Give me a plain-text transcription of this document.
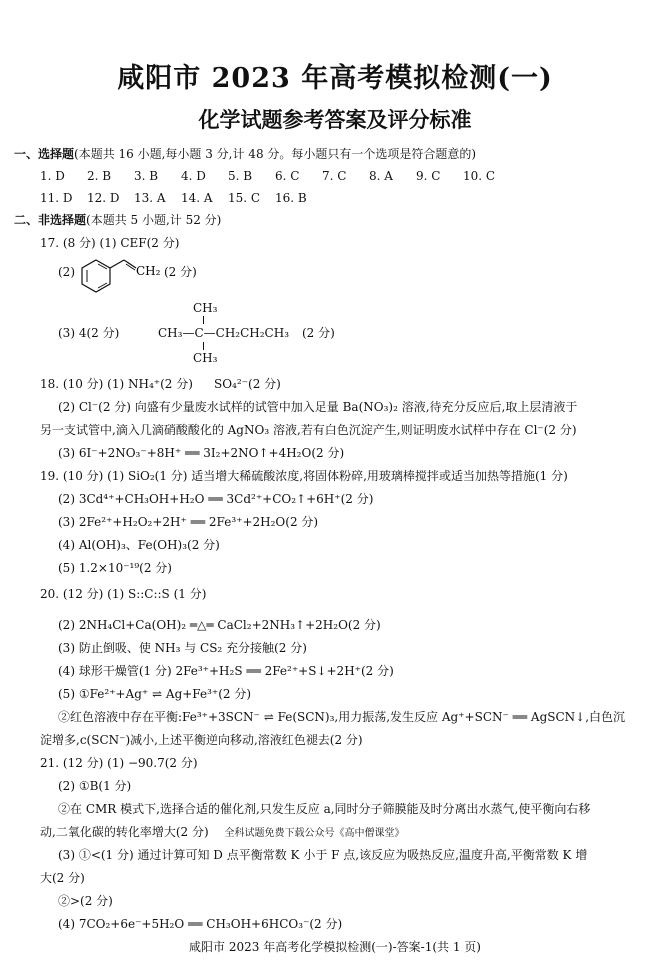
咸阳市 2023 年高考模拟检测(一)
化学试题参考答案及评分标准
一、选择题(本题共 16 小题,每小题 3 分,计 48 分。每小题只有一个选项是符合题意的)
1. D 2. B 3. B 4. D 5. B 6. C 7. C 8. A 9. C 10. C
11. D 12. D 13. A 14. A 15. C 16. B
二、非选择题(本题共 5 小题,计 52 分)
17. (8 分) (1) CEF(2 分)
(2)	CH₂ (2 分)
(3) 4(2 分)
CH₃
CH₃—C—CH₂CH₂CH₃
CH₃
(2 分)
18. (10 分) (1) NH₄⁺(2 分) SO₄²⁻(2 分)
(2) Cl⁻(2 分) 向盛有少量废水试样的试管中加入足量 Ba(NO₃)₂ 溶液,待充分反应后,取上层清液于
另一支试管中,滴入几滴硝酸酸化的 AgNO₃ 溶液,若有白色沉淀产生,则证明废水试样中存在 Cl⁻(2 分)
(3) 6I⁻+2NO₃⁻+8H⁺ ══ 3I₂+2NO↑+4H₂O(2 分)
19. (10 分) (1) SiO₂(1 分) 适当增大稀硫酸浓度,将固体粉碎,用玻璃棒搅拌或适当加热等措施(1 分)
(2) 3Cd⁴⁺+CH₃OH+H₂O ══ 3Cd²⁺+CO₂↑+6H⁺(2 分)
(3) 2Fe²⁺+H₂O₂+2H⁺ ══ 2Fe³⁺+2H₂O(2 分)
(4) Al(OH)₃、Fe(OH)₃(2 分)
(5) 1.2×10⁻¹⁹(2 分)
20. (12 分) (1) S::C::S (1 分)
(2) 2NH₄Cl+Ca(OH)₂ ═△═ CaCl₂+2NH₃↑+2H₂O(2 分)
(3) 防止倒吸、使 NH₃ 与 CS₂ 充分接触(2 分)
(4) 球形干燥管(1 分) 2Fe³⁺+H₂S ══ 2Fe²⁺+S↓+2H⁺(2 分)
(5) ①Fe²⁺+Ag⁺ ⇌ Ag+Fe³⁺(2 分)
②红色溶液中存在平衡:Fe³⁺+3SCN⁻ ⇌ Fe(SCN)₃,用力振荡,发生反应 Ag⁺+SCN⁻ ══ AgSCN↓,白色沉
淀增多,c(SCN⁻)减小,上述平衡逆向移动,溶液红色褪去(2 分)
21. (12 分) (1) −90.7(2 分)
(2) ①B(1 分)
②在 CMR 模式下,选择合适的催化剂,只发生反应 a,同时分子筛膜能及时分离出水蒸气,使平衡向右移
动,二氧化碳的转化率增大(2 分) 全科试题免费下载公众号《高中僧课堂》
(3) ①<(1 分) 通过计算可知 D 点平衡常数 K 小于 F 点,该反应为吸热反应,温度升高,平衡常数 K 增
大(2 分)
②>(2 分)
(4) 7CO₂+6e⁻+5H₂O ══ CH₃OH+6HCO₃⁻(2 分)
咸阳市 2023 年高考化学模拟检测(一)-答案-1(共 1 页)
